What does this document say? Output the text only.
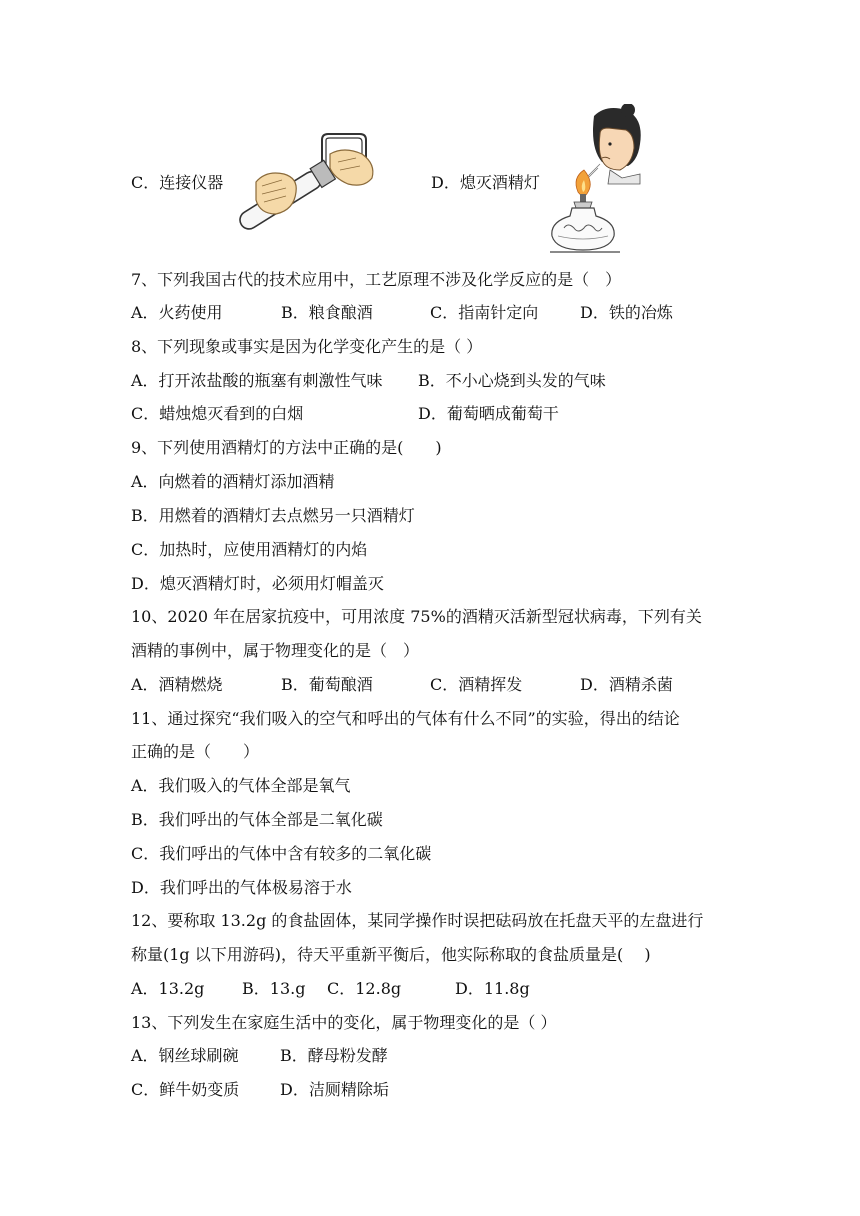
C．连接仪器	D．熄灭酒精灯
7、下列我国古代的技术应用中，工艺原理不涉及化学反应的是（　）
A．火药使用	B．粮食酿酒	C．指南针定向	D．铁的冶炼
8、下列现象或事实是因为化学变化产生的是（ ）
A．打开浓盐酸的瓶塞有刺激性气味 B．不小心烧到头发的气味
C．蜡烛熄灭看到的白烟	D．葡萄晒成葡萄干
9、下列使用酒精灯的方法中正确的是(　　)
A．向燃着的酒精灯添加酒精
B．用燃着的酒精灯去点燃另一只酒精灯
C．加热时，应使用酒精灯的内焰
D．熄灭酒精灯时，必须用灯帽盖灭
10、2020 年在居家抗疫中，可用浓度 75%的酒精灭活新型冠状病毒，下列有关
酒精的事例中，属于物理变化的是（　）
A．酒精燃烧	B．葡萄酿酒	C．酒精挥发	D．酒精杀菌
11、通过探究“我们吸入的空气和呼出的气体有什么不同”的实验，得出的结论
正确的是（　　）
A．我们吸入的气体全部是氧气
B．我们呼出的气体全部是二氧化碳
C．我们呼出的气体中含有较多的二氧化碳
D．我们呼出的气体极易溶于水
12、要称取 13.2g 的食盐固体，某同学操作时误把砝码放在托盘天平的左盘进行
称量(1g 以下用游码)，待天平重新平衡后，他实际称取的食盐质量是(　 )
A．13.2g B．13.g C．12.8g	D．11.8g
13、下列发生在家庭生活中的变化，属于物理变化的是（ ）
A．钢丝球刷碗	B．酵母粉发酵
C．鲜牛奶变质	D．洁厕精除垢
